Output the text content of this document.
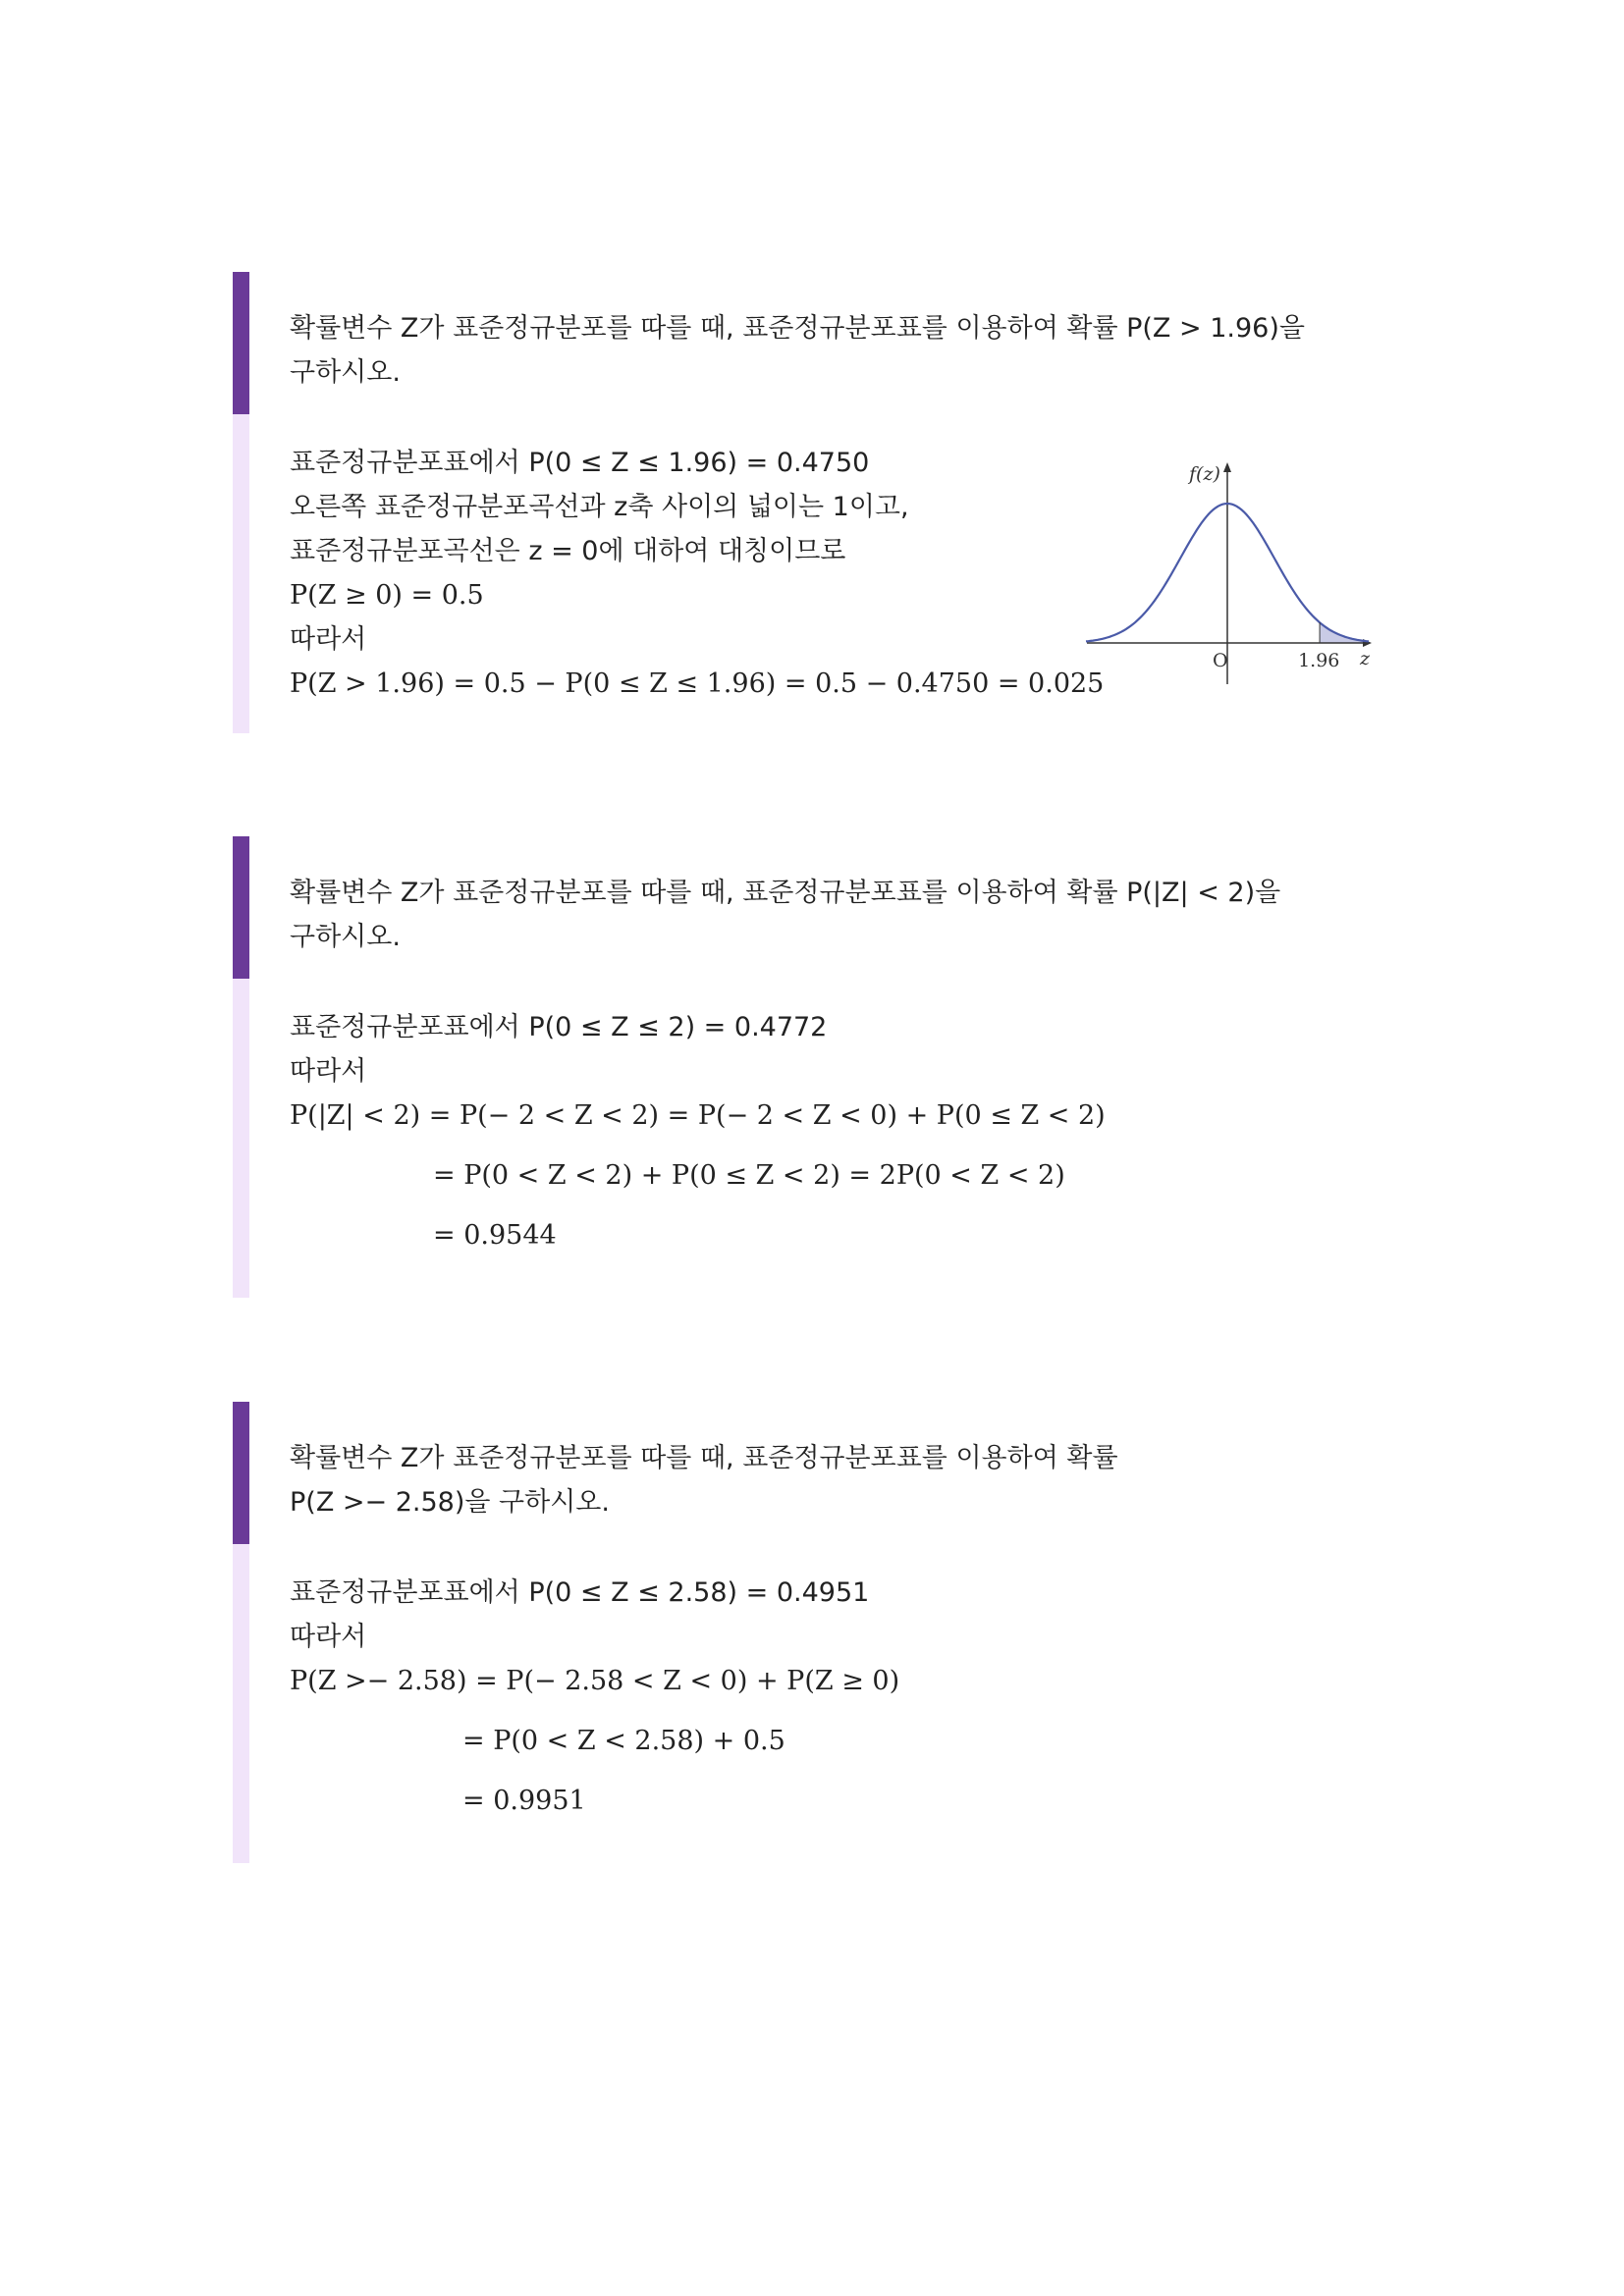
확률변수 Z가 표준정규분포를 따를 때, 표준정규분포표를 이용하여 확률 P(Z > 1.96)을
구하시오.
표준정규분포표에서 P(0 ≤ Z ≤ 1.96) = 0.4750
오른쪽 표준정규분포곡선과 z축 사이의 넓이는 1이고,
표준정규분포곡선은 z = 0에 대하여 대칭이므로
P(Z ≥ 0) = 0.5
따라서
P(Z > 1.96) = 0.5 − P(0 ≤ Z ≤ 1.96) = 0.5 − 0.4750 = 0.025
f(z)
O	1.96 z
확률변수 Z가 표준정규분포를 따를 때, 표준정규분포표를 이용하여 확률 P(|Z| < 2)을
구하시오.
표준정규분포표에서 P(0 ≤ Z ≤ 2) = 0.4772
따라서
P(|Z| < 2) = P(− 2 < Z < 2) = P(− 2 < Z < 0) + P(0 ≤ Z < 2)
= P(0 < Z < 2) + P(0 ≤ Z < 2) = 2P(0 < Z < 2)
= 0.9544
확률변수 Z가 표준정규분포를 따를 때, 표준정규분포표를 이용하여 확률
P(Z >− 2.58)을 구하시오.
표준정규분포표에서 P(0 ≤ Z ≤ 2.58) = 0.4951
따라서
P(Z >− 2.58) = P(− 2.58 < Z < 0) + P(Z ≥ 0)
= P(0 < Z < 2.58) + 0.5
= 0.9951
